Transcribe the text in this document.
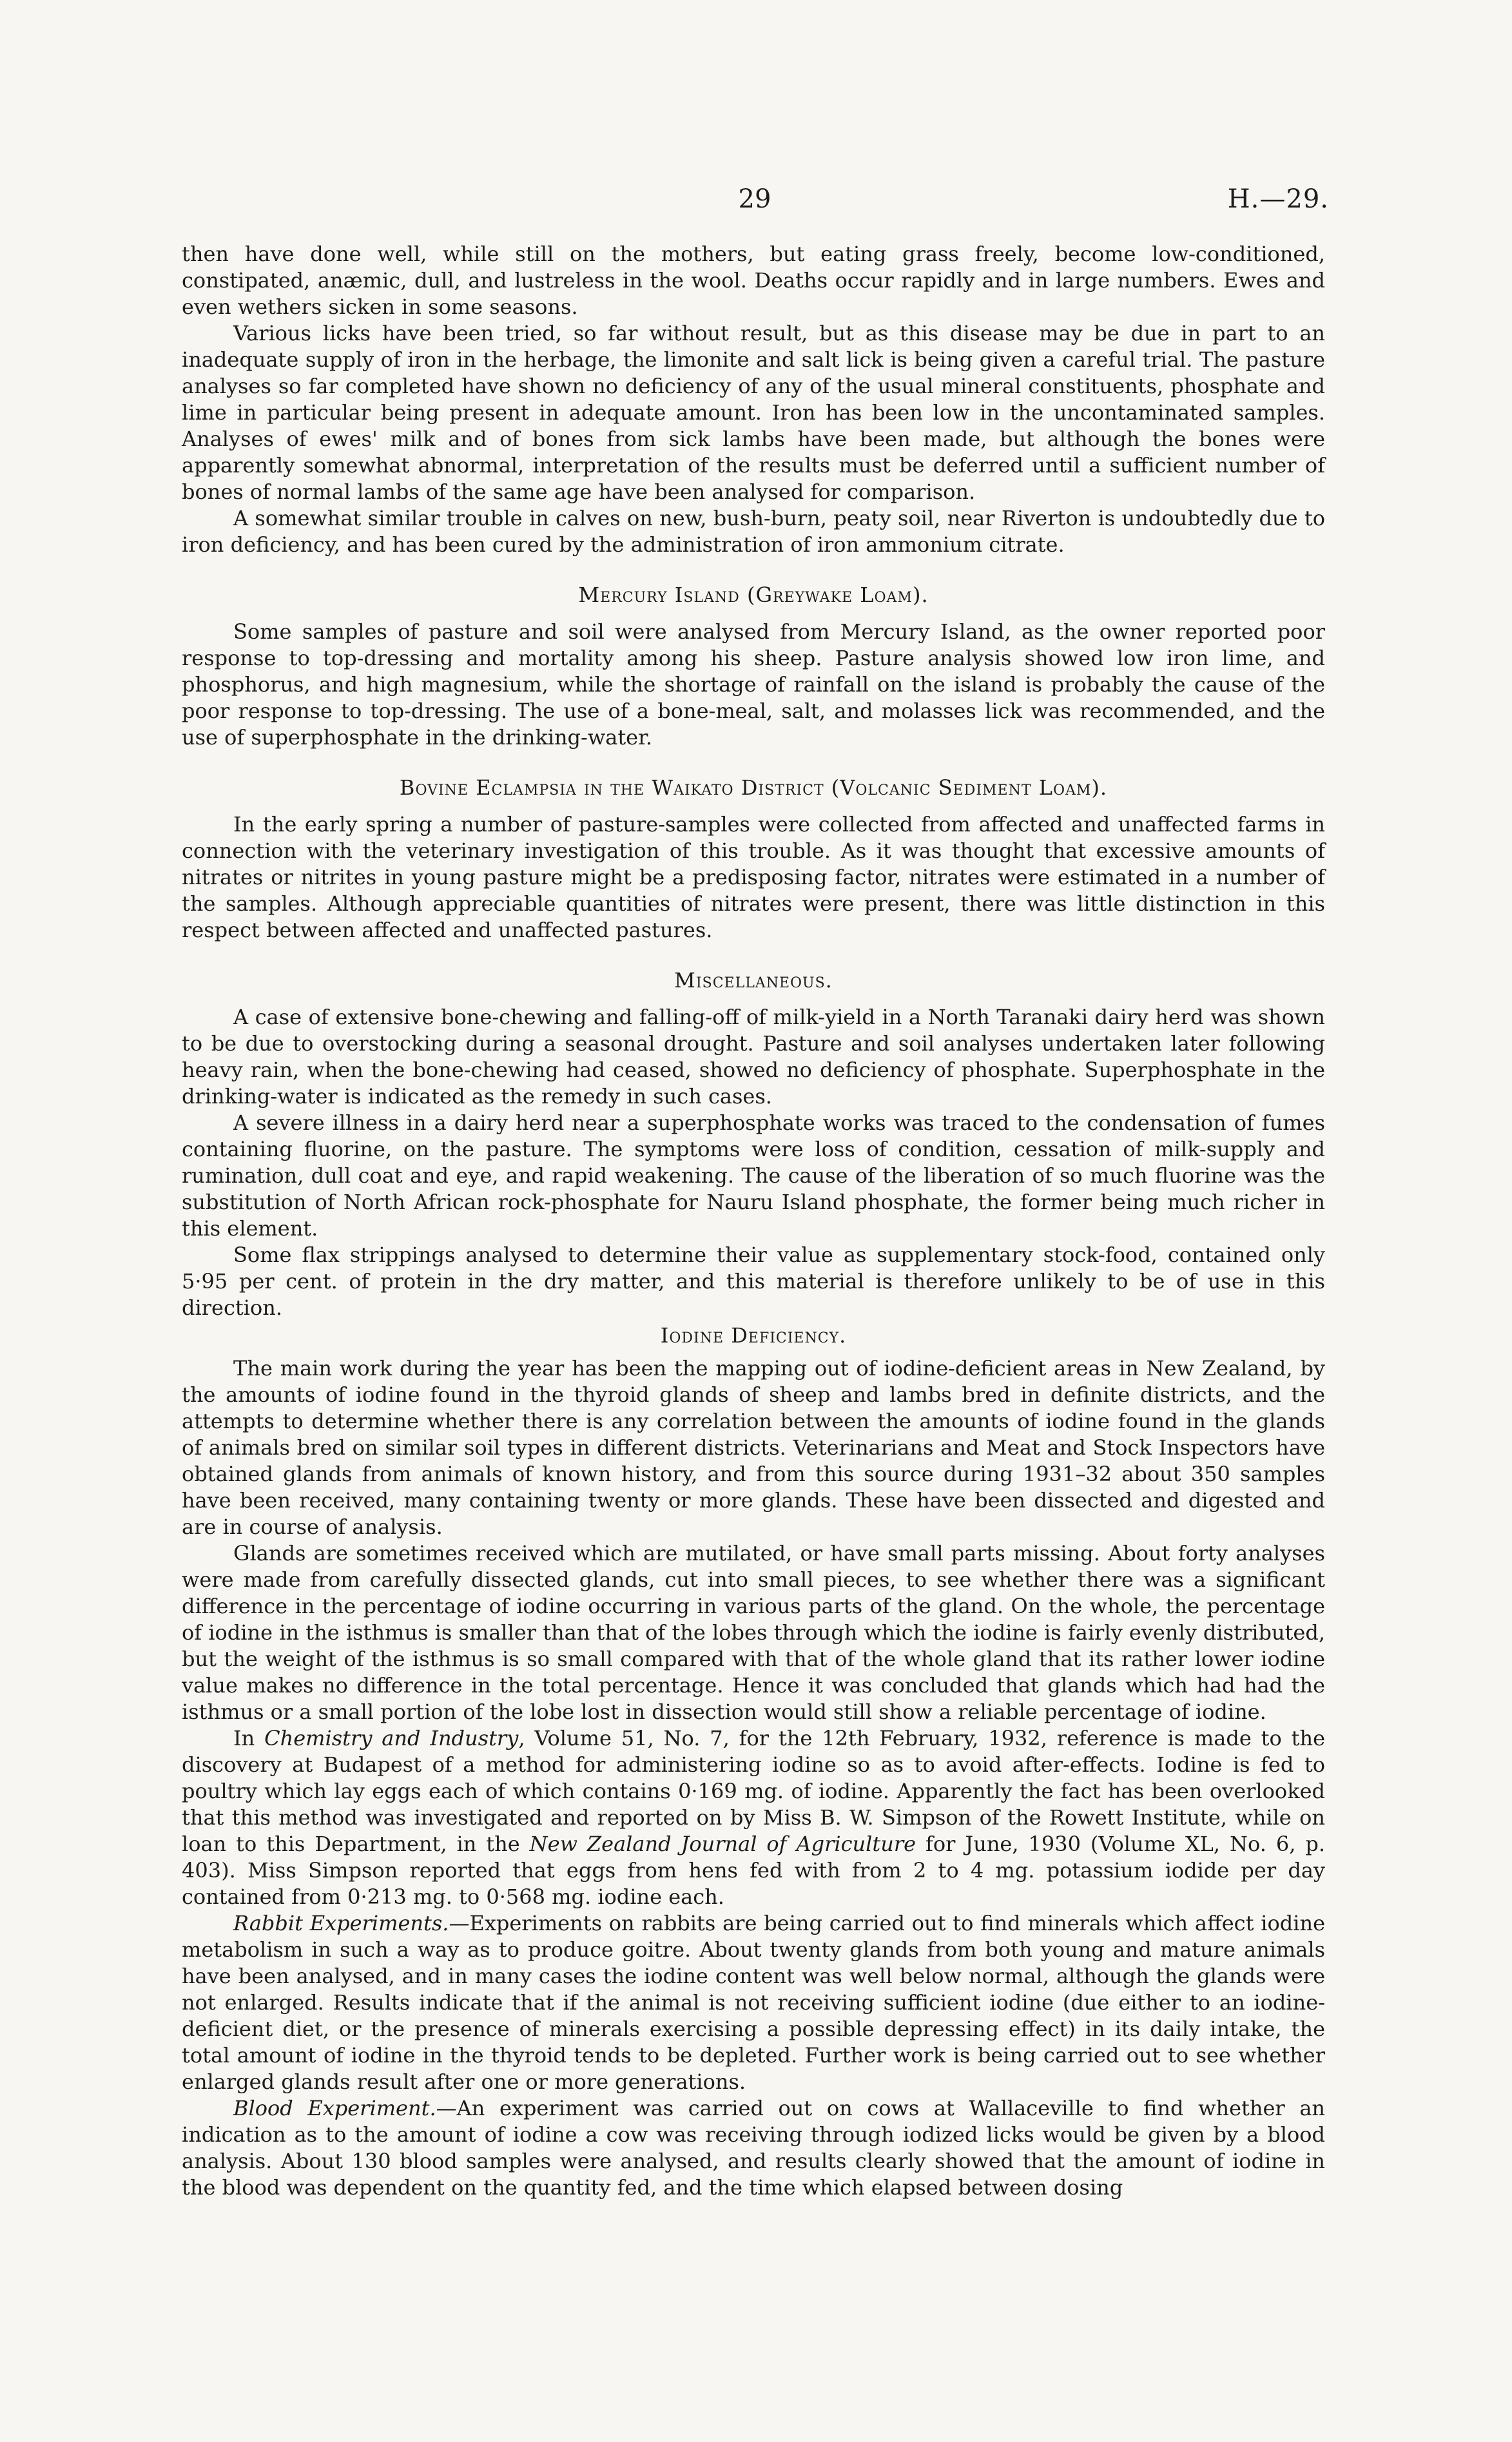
29	H.—29.

then have done well, while still on the mothers, but eating grass freely, become low-conditioned, constipated, anæmic, dull, and lustreless in the wool. Deaths occur rapidly and in large numbers. Ewes and even wethers sicken in some seasons.

Various licks have been tried, so far without result, but as this disease may be due in part to an inadequate supply of iron in the herbage, the limonite and salt lick is being given a careful trial. The pasture analyses so far completed have shown no deficiency of any of the usual mineral constituents, phosphate and lime in particular being present in adequate amount. Iron has been low in the uncontaminated samples. Analyses of ewes' milk and of bones from sick lambs have been made, but although the bones were apparently somewhat abnormal, interpretation of the results must be deferred until a sufficient number of bones of normal lambs of the same age have been analysed for comparison.

A somewhat similar trouble in calves on new, bush-burn, peaty soil, near Riverton is undoubtedly due to iron deficiency, and has been cured by the administration of iron ammonium citrate.

Mercury Island (Greywake Loam).

Some samples of pasture and soil were analysed from Mercury Island, as the owner reported poor response to top-dressing and mortality among his sheep. Pasture analysis showed low iron lime, and phosphorus, and high magnesium, while the shortage of rainfall on the island is probably the cause of the poor response to top-dressing. The use of a bone-meal, salt, and molasses lick was recommended, and the use of superphosphate in the drinking-water.

Bovine Eclampsia in the Waikato District (Volcanic Sediment Loam).

In the early spring a number of pasture-samples were collected from affected and unaffected farms in connection with the veterinary investigation of this trouble. As it was thought that excessive amounts of nitrates or nitrites in young pasture might be a predisposing factor, nitrates were estimated in a number of the samples. Although appreciable quantities of nitrates were present, there was little distinction in this respect between affected and unaffected pastures.

Miscellaneous.

A case of extensive bone-chewing and falling-off of milk-yield in a North Taranaki dairy herd was shown to be due to overstocking during a seasonal drought. Pasture and soil analyses undertaken later following heavy rain, when the bone-chewing had ceased, showed no deficiency of phosphate. Superphosphate in the drinking-water is indicated as the remedy in such cases.

A severe illness in a dairy herd near a superphosphate works was traced to the condensation of fumes containing fluorine, on the pasture. The symptoms were loss of condition, cessation of milk-supply and rumination, dull coat and eye, and rapid weakening. The cause of the liberation of so much fluorine was the substitution of North African rock-phosphate for Nauru Island phosphate, the former being much richer in this element.

Some flax strippings analysed to determine their value as supplementary stock-food, contained only 5·95 per cent. of protein in the dry matter, and this material is therefore unlikely to be of use in this direction.

Iodine Deficiency.

The main work during the year has been the mapping out of iodine-deficient areas in New Zealand, by the amounts of iodine found in the thyroid glands of sheep and lambs bred in definite districts, and the attempts to determine whether there is any correlation between the amounts of iodine found in the glands of animals bred on similar soil types in different districts. Veterinarians and Meat and Stock Inspectors have obtained glands from animals of known history, and from this source during 1931–32 about 350 samples have been received, many containing twenty or more glands. These have been dissected and digested and are in course of analysis.

Glands are sometimes received which are mutilated, or have small parts missing. About forty analyses were made from carefully dissected glands, cut into small pieces, to see whether there was a significant difference in the percentage of iodine occurring in various parts of the gland. On the whole, the percentage of iodine in the isthmus is smaller than that of the lobes through which the iodine is fairly evenly distributed, but the weight of the isthmus is so small compared with that of the whole gland that its rather lower iodine value makes no difference in the total percentage. Hence it was concluded that glands which had had the isthmus or a small portion of the lobe lost in dissection would still show a reliable percentage of iodine.

In Chemistry and Industry, Volume 51, No. 7, for the 12th February, 1932, reference is made to the discovery at Budapest of a method for administering iodine so as to avoid after-effects. Iodine is fed to poultry which lay eggs each of which contains 0·169 mg. of iodine. Apparently the fact has been overlooked that this method was investigated and reported on by Miss B. W. Simpson of the Rowett Institute, while on loan to this Department, in the New Zealand Journal of Agriculture for June, 1930 (Volume XL, No. 6, p. 403). Miss Simpson reported that eggs from hens fed with from 2 to 4 mg. potassium iodide per day contained from 0·213 mg. to 0·568 mg. iodine each.

Rabbit Experiments.—Experiments on rabbits are being carried out to find minerals which affect iodine metabolism in such a way as to produce goitre. About twenty glands from both young and mature animals have been analysed, and in many cases the iodine content was well below normal, although the glands were not enlarged. Results indicate that if the animal is not receiving sufficient iodine (due either to an iodine-deficient diet, or the presence of minerals exercising a possible depressing effect) in its daily intake, the total amount of iodine in the thyroid tends to be depleted. Further work is being carried out to see whether enlarged glands result after one or more generations.

Blood Experiment.—An experiment was carried out on cows at Wallaceville to find whether an indication as to the amount of iodine a cow was receiving through iodized licks would be given by a blood analysis. About 130 blood samples were analysed, and results clearly showed that the amount of iodine in the blood was dependent on the quantity fed, and the time which elapsed between dosing
